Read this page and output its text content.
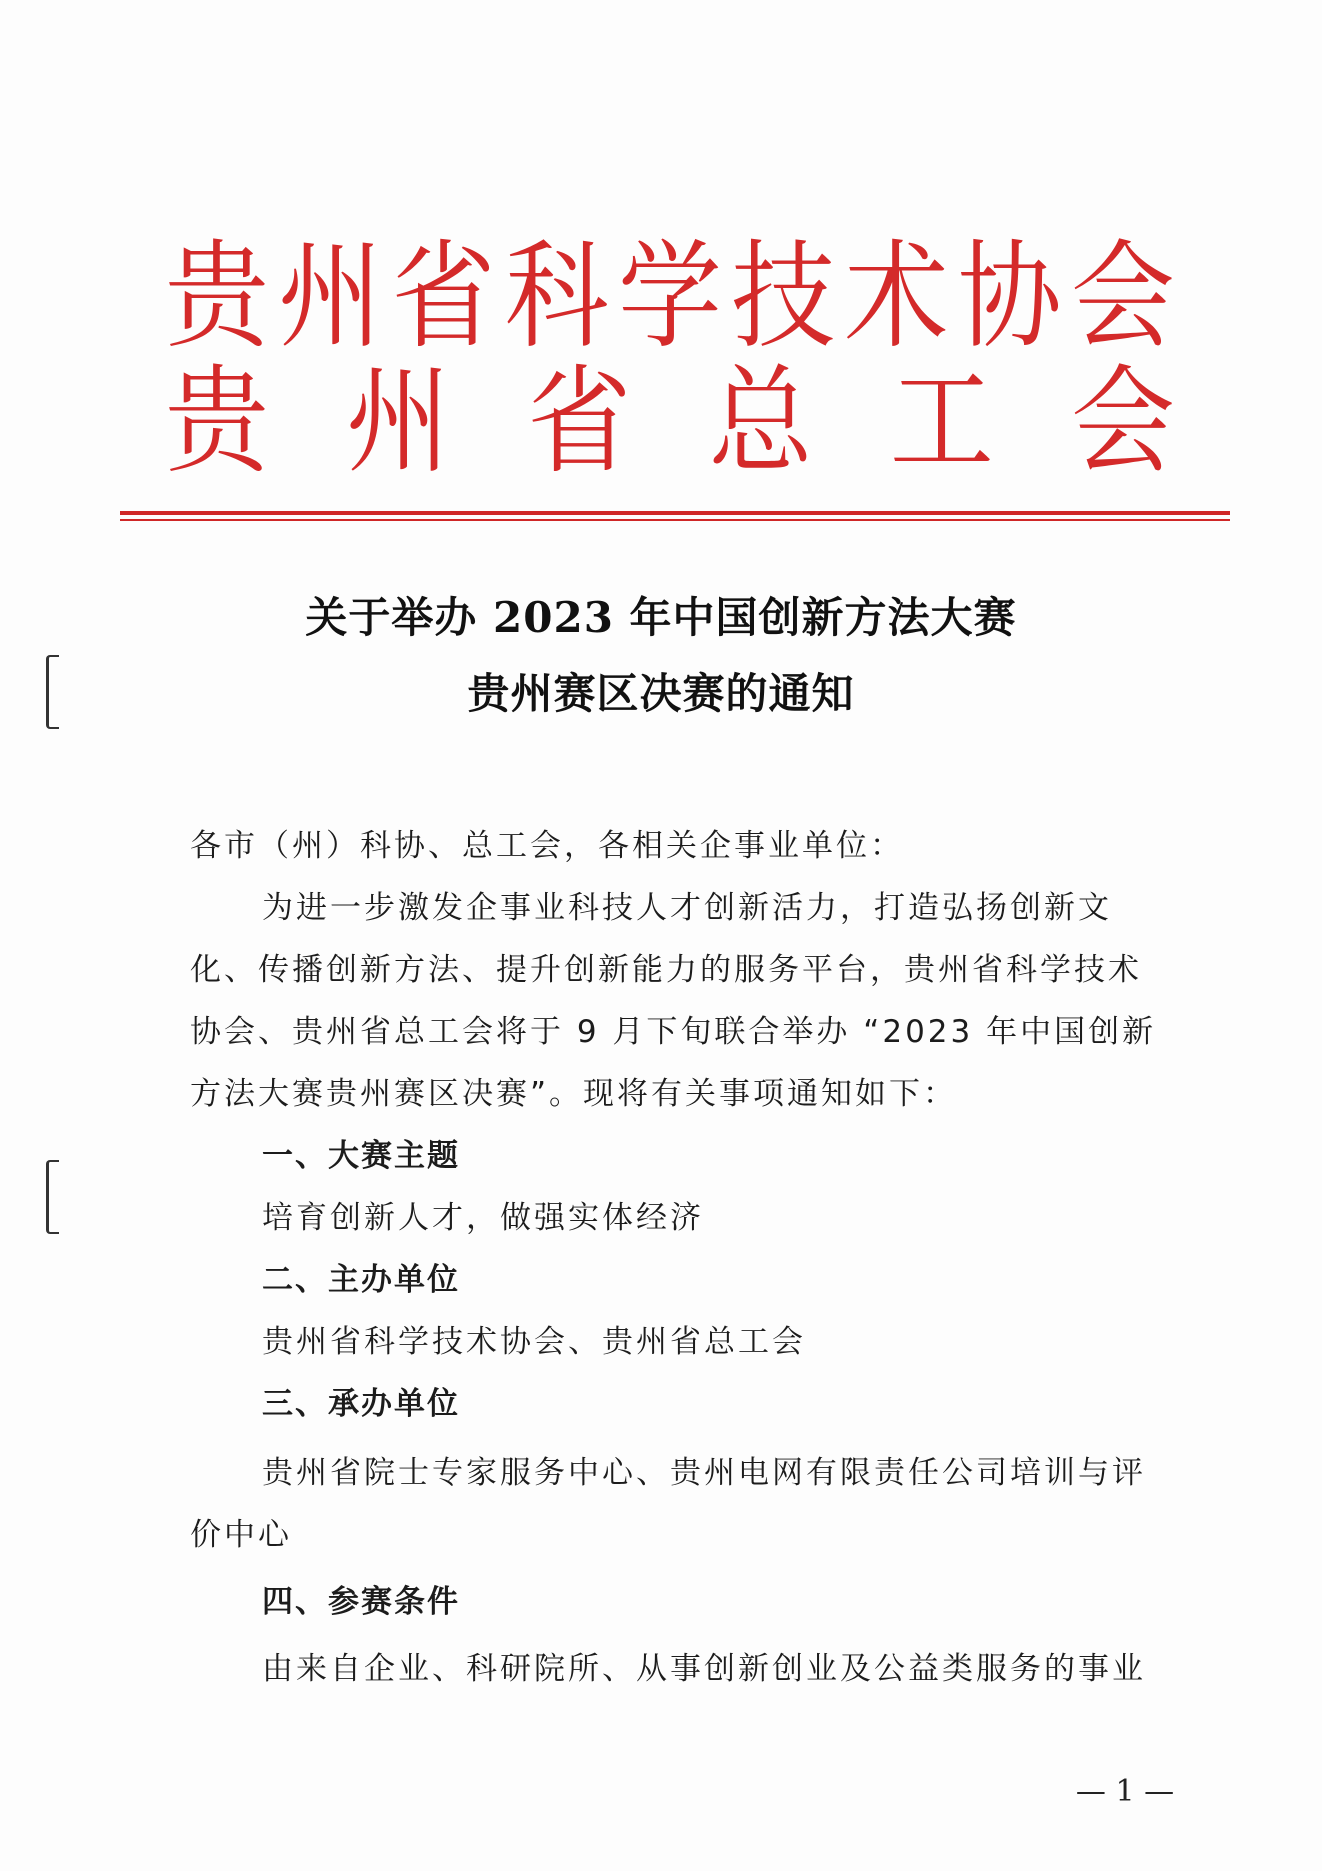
贵 州 省 科 学 技 术 协 会
贵 州 省 总 工 会
关于举办 2023 年中国创新方法大赛
贵州赛区决赛的通知
各市（州）科协、总工会，各相关企事业单位：
为进一步激发企事业科技人才创新活力，打造弘扬创新文
化、传播创新方法、提升创新能力的服务平台，贵州省科学技术
协会、贵州省总工会将于 9 月下旬联合举办 “2023 年中国创新
方法大赛贵州赛区决赛”。现将有关事项通知如下：
一、大赛主题
培育创新人才，做强实体经济
二、主办单位
贵州省科学技术协会、贵州省总工会
三、承办单位
贵州省院士专家服务中心、贵州电网有限责任公司培训与评
价中心
四、参赛条件
由来自企业、科研院所、从事创新创业及公益类服务的事业
— 1 —
